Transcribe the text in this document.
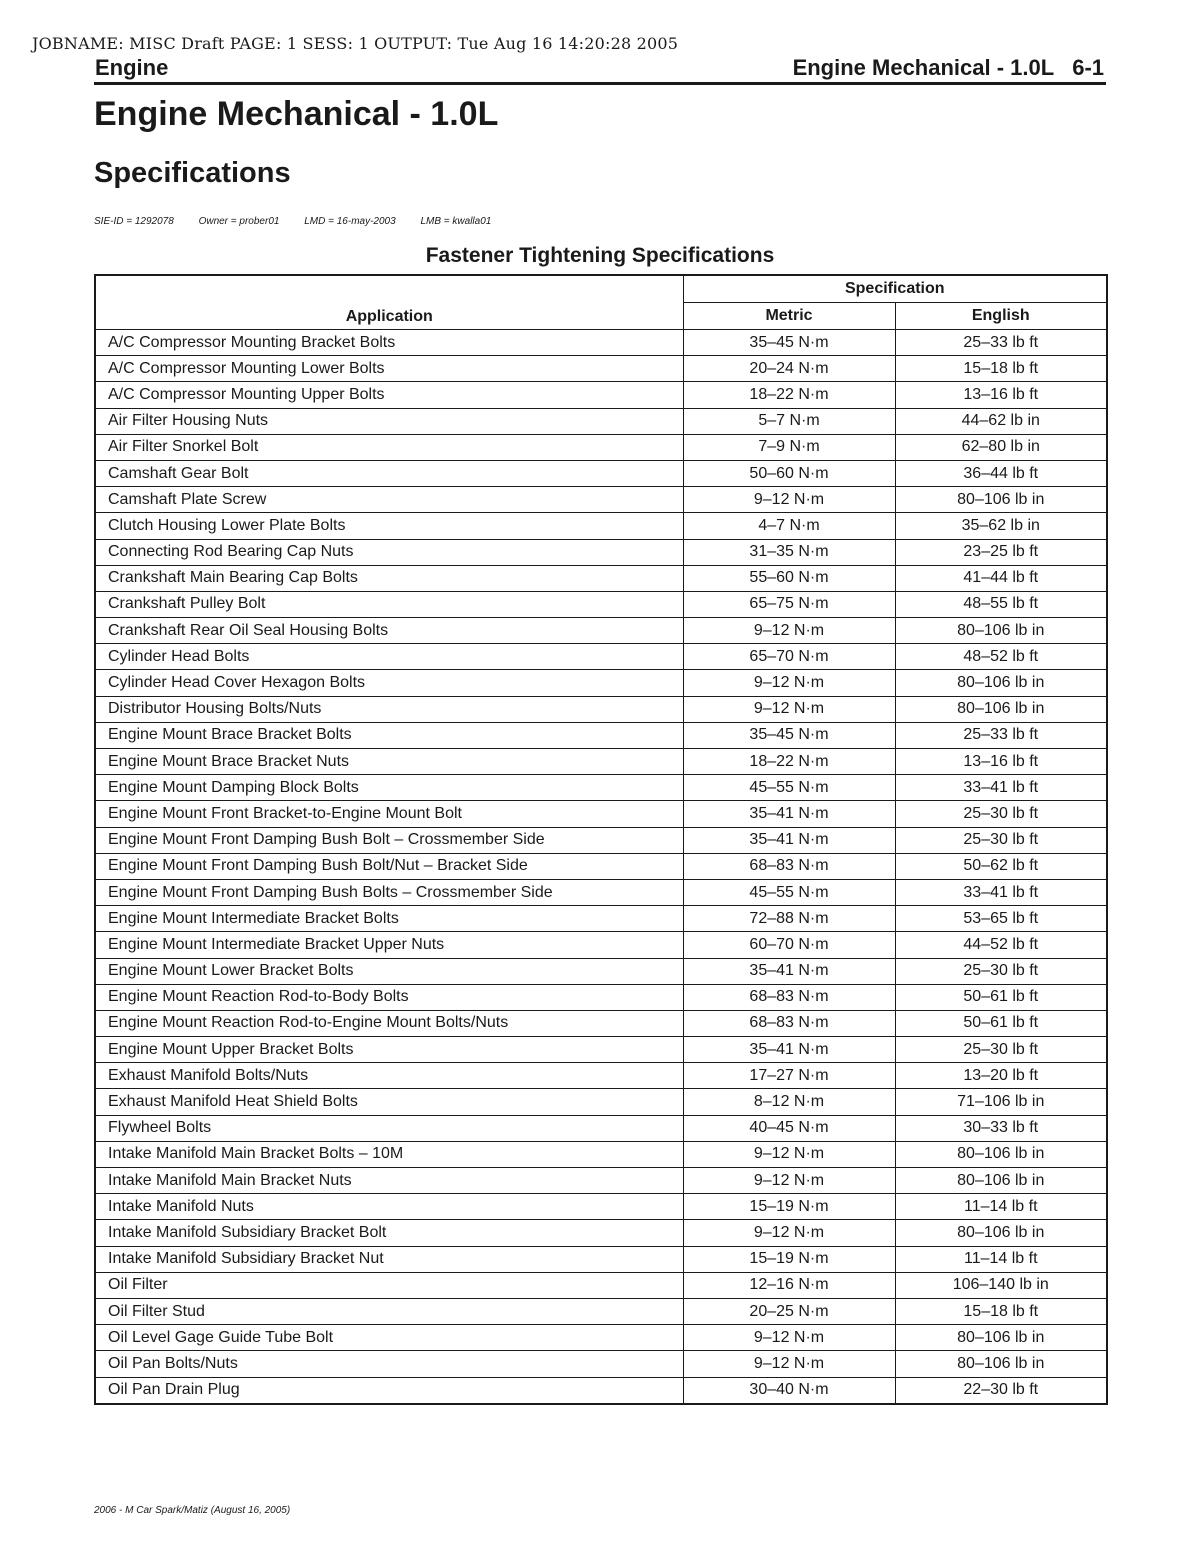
JOBNAME: MISC Draft PAGE: 1 SESS: 1 OUTPUT: Tue Aug 16 14:20:28 2005
Engine	Engine Mechanical - 1.0L 6-1
Engine Mechanical - 1.0L
Specifications
SIE-ID = 1292078 Owner = prober01 LMD = 16-may-2003 LMB = kwalla01
Fastener Tightening Specifications
Application	Specification	
	Metric	English
A/C Compressor Mounting Bracket Bolts	35–45 N·m	25–33 lb ft
A/C Compressor Mounting Lower Bolts	20–24 N·m	15–18 lb ft
A/C Compressor Mounting Upper Bolts	18–22 N·m	13–16 lb ft
Air Filter Housing Nuts	5–7 N·m	44–62 lb in
Air Filter Snorkel Bolt	7–9 N·m	62–80 lb in
Camshaft Gear Bolt	50–60 N·m	36–44 lb ft
Camshaft Plate Screw	9–12 N·m	80–106 lb in
Clutch Housing Lower Plate Bolts	4–7 N·m	35–62 lb in
Connecting Rod Bearing Cap Nuts	31–35 N·m	23–25 lb ft
Crankshaft Main Bearing Cap Bolts	55–60 N·m	41–44 lb ft
Crankshaft Pulley Bolt	65–75 N·m	48–55 lb ft
Crankshaft Rear Oil Seal Housing Bolts	9–12 N·m	80–106 lb in
Cylinder Head Bolts	65–70 N·m	48–52 lb ft
Cylinder Head Cover Hexagon Bolts	9–12 N·m	80–106 lb in
Distributor Housing Bolts/Nuts	9–12 N·m	80–106 lb in
Engine Mount Brace Bracket Bolts	35–45 N·m	25–33 lb ft
Engine Mount Brace Bracket Nuts	18–22 N·m	13–16 lb ft
Engine Mount Damping Block Bolts	45–55 N·m	33–41 lb ft
Engine Mount Front Bracket-to-Engine Mount Bolt	35–41 N·m	25–30 lb ft
Engine Mount Front Damping Bush Bolt – Crossmember Side	35–41 N·m	25–30 lb ft
Engine Mount Front Damping Bush Bolt/Nut – Bracket Side	68–83 N·m	50–62 lb ft
Engine Mount Front Damping Bush Bolts – Crossmember Side	45–55 N·m	33–41 lb ft
Engine Mount Intermediate Bracket Bolts	72–88 N·m	53–65 lb ft
Engine Mount Intermediate Bracket Upper Nuts	60–70 N·m	44–52 lb ft
Engine Mount Lower Bracket Bolts	35–41 N·m	25–30 lb ft
Engine Mount Reaction Rod-to-Body Bolts	68–83 N·m	50–61 lb ft
Engine Mount Reaction Rod-to-Engine Mount Bolts/Nuts	68–83 N·m	50–61 lb ft
Engine Mount Upper Bracket Bolts	35–41 N·m	25–30 lb ft
Exhaust Manifold Bolts/Nuts	17–27 N·m	13–20 lb ft
Exhaust Manifold Heat Shield Bolts	8–12 N·m	71–106 lb in
Flywheel Bolts	40–45 N·m	30–33 lb ft
Intake Manifold Main Bracket Bolts – 10M	9–12 N·m	80–106 lb in
Intake Manifold Main Bracket Nuts	9–12 N·m	80–106 lb in
Intake Manifold Nuts	15–19 N·m	11–14 lb ft
Intake Manifold Subsidiary Bracket Bolt	9–12 N·m	80–106 lb in
Intake Manifold Subsidiary Bracket Nut	15–19 N·m	11–14 lb ft
Oil Filter	12–16 N·m	106–140 lb in
Oil Filter Stud	20–25 N·m	15–18 lb ft
Oil Level Gage Guide Tube Bolt	9–12 N·m	80–106 lb in
Oil Pan Bolts/Nuts	9–12 N·m	80–106 lb in
Oil Pan Drain Plug	30–40 N·m	22–30 lb ft
2006 - M Car Spark/Matiz (August 16, 2005)
